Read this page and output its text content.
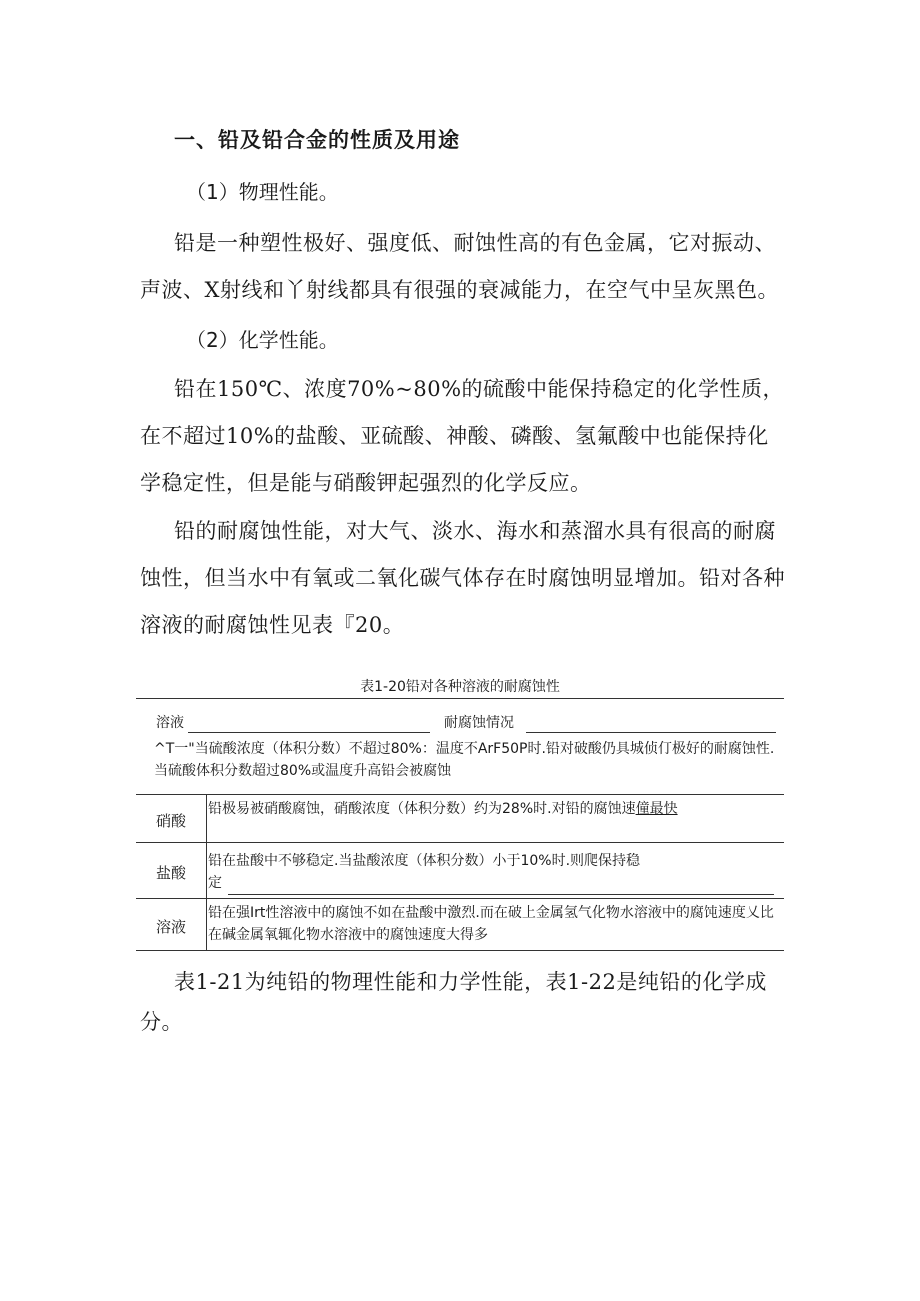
一、铅及铅合金的性质及用途

（1）物理性能。

铅是一种塑性极好、强度低、耐蚀性高的有色金属，它对振动、声波、X射线和丫射线都具有很强的衰减能力，在空气中呈灰黑色。

（2）化学性能。

铅在150℃、浓度70%~80%的硫酸中能保持稳定的化学性质，在不超过10%的盐酸、亚硫酸、神酸、磷酸、氢氟酸中也能保持化学稳定性，但是能与硝酸钾起强烈的化学反应。

铅的耐腐蚀性能，对大气、淡水、海水和蒸溜水具有很高的耐腐蚀性，但当水中有氧或二氧化碳气体存在时腐蚀明显增加。铅对各种溶液的耐腐蚀性见表『20。

表1-20铅对各种溶液的耐腐蚀性
溶液	耐腐蚀情况
^T一"当硫酸浓度（体积分数）不超过80%：温度不ArF50P时.铅对破酸仍具城侦仃极好的耐腐蚀性.当硫酸体积分数超过80%或温度升高铅会被腐蚀
硝酸
铅极易被硝酸腐蚀，硝酸浓度（体积分数）约为28%时.对铅的腐蚀速僮最快
盐酸
铅在盐酸中不够稳定.当盐酸浓度（体积分数）小于10%时.则爬保持稳
定
溶液
铅在强Irt性溶液中的腐蚀不如在盐酸中激烈.而在破上金属氢气化物水溶液中的腐饨速度乂比在碱金属氧辄化物水溶液中的腐蚀速度大得多

表1-21为纯铅的物理性能和力学性能，表1-22是纯铅的化学成分。
